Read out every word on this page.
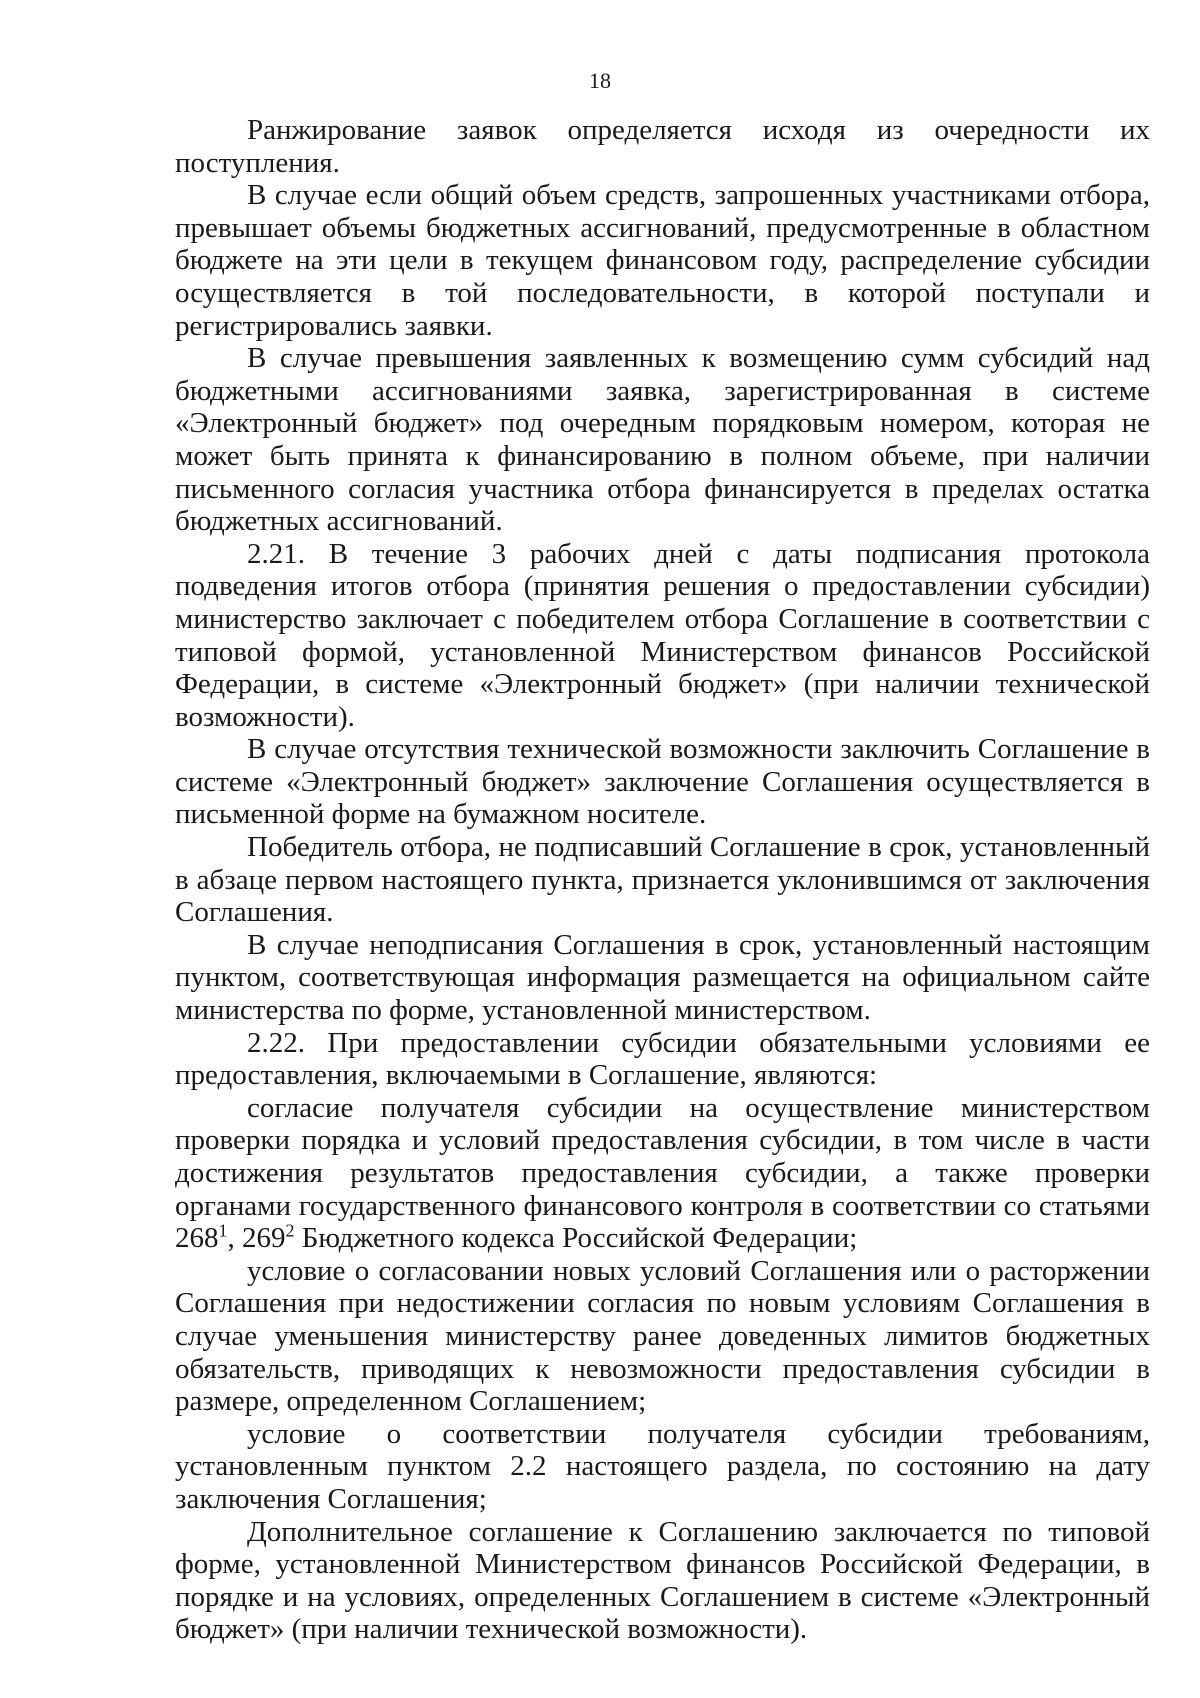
18

Ранжирование заявок определяется исходя из очередности их поступления.

В случае если общий объем средств, запрошенных участниками отбора, превышает объемы бюджетных ассигнований, предусмотренные в областном бюджете на эти цели в текущем финансовом году, распределение субсидии осуществляется в той последовательности, в которой поступали и регистрировались заявки.

В случае превышения заявленных к возмещению сумм субсидий над бюджетными ассигнованиями заявка, зарегистрированная в системе «Электронный бюджет» под очередным порядковым номером, которая не может быть принята к финансированию в полном объеме, при наличии письменного согласия участника отбора финансируется в пределах остатка бюджетных ассигнований.

2.21. В течение 3 рабочих дней с даты подписания протокола подведения итогов отбора (принятия решения о предоставлении субсидии) министерство заключает с победителем отбора Соглашение в соответствии с типовой формой, установленной Министерством финансов Российской Федерации, в системе «Электронный бюджет» (при наличии технической возможности).

В случае отсутствия технической возможности заключить Соглашение в системе «Электронный бюджет» заключение Соглашения осуществляется в письменной форме на бумажном носителе.

Победитель отбора, не подписавший Соглашение в срок, установленный в абзаце первом настоящего пункта, признается уклонившимся от заключения Соглашения.

В случае неподписания Соглашения в срок, установленный настоящим пунктом, соответствующая информация размещается на официальном сайте министерства по форме, установленной министерством.

2.22. При предоставлении субсидии обязательными условиями ее предоставления, включаемыми в Соглашение, являются:

согласие получателя субсидии на осуществление министерством проверки порядка и условий предоставления субсидии, в том числе в части достижения результатов предоставления субсидии, а также проверки органами государственного финансового контроля в соответствии со статьями $268^1$, $269^2$ Бюджетного кодекса Российской Федерации;

условие о согласовании новых условий Соглашения или о расторжении Соглашения при недостижении согласия по новым условиям Соглашения в случае уменьшения министерству ранее доведенных лимитов бюджетных обязательств, приводящих к невозможности предоставления субсидии в размере, определенном Соглашением;

условие о соответствии получателя субсидии требованиям, установленным пунктом 2.2 настоящего раздела, по состоянию на дату заключения Соглашения;

Дополнительное соглашение к Соглашению заключается по типовой форме, установленной Министерством финансов Российской Федерации, в порядке и на условиях, определенных Соглашением в системе «Электронный бюджет» (при наличии технической возможности).
